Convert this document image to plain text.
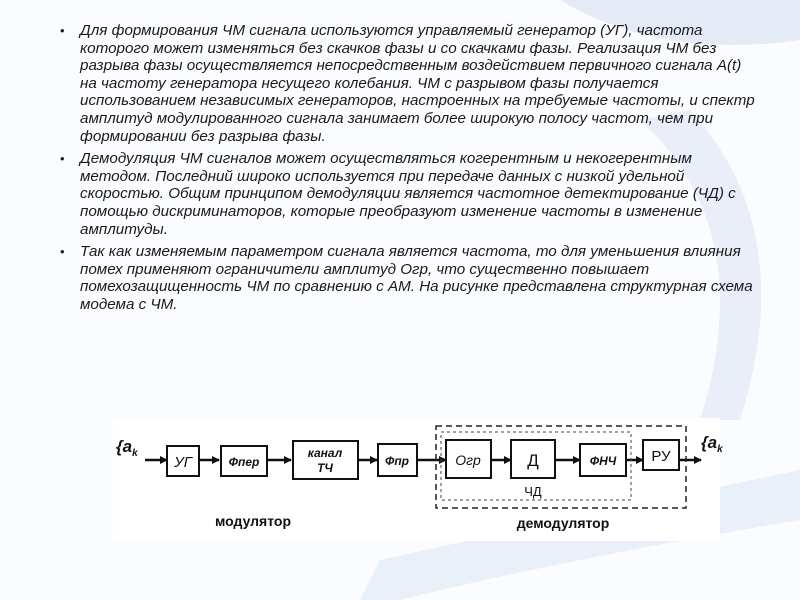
• Для формирования ЧМ сигнала используются управляемый генератор (УГ), частота которого может изменяться без скачков фазы и со скачками фазы. Реализация ЧМ без разрыва фазы осуществляется непосредственным воздействием первичного сигнала A(t) на частоту генератора несущего колебания. ЧМ с разрывом фазы получается использованием независимых генераторов, настроенных на требуемые частоты, и спектр амплитуд модулированного сигнала занимает более широкую полосу частот, чем при формировании без разрыва фазы.
• Демодуляция ЧМ сигналов может осуществляться когерентным и некогерентным методом. Последний широко используется при передаче данных с низкой удельной скоростью. Общим принципом демодуляции является частотное детектирование (ЧД) с помощью дискриминаторов, которые преобразуют изменение частоты в изменение амплитуды.
• Так как изменяемым параметром сигнала является частота, то для уменьшения влияния помех применяют ограничители амплитуд Огр, что существенно повышает помехозащищенность ЧМ по сравнению с АМ. На рисунке представлена структурная схема модема с ЧМ.
{$a_k$
УГ	Фпер
канал
ТЧ	Фпр	Огр	Д	ФНЧ РУ
{$a_k$
ЧД
модулятор	демодулятор
